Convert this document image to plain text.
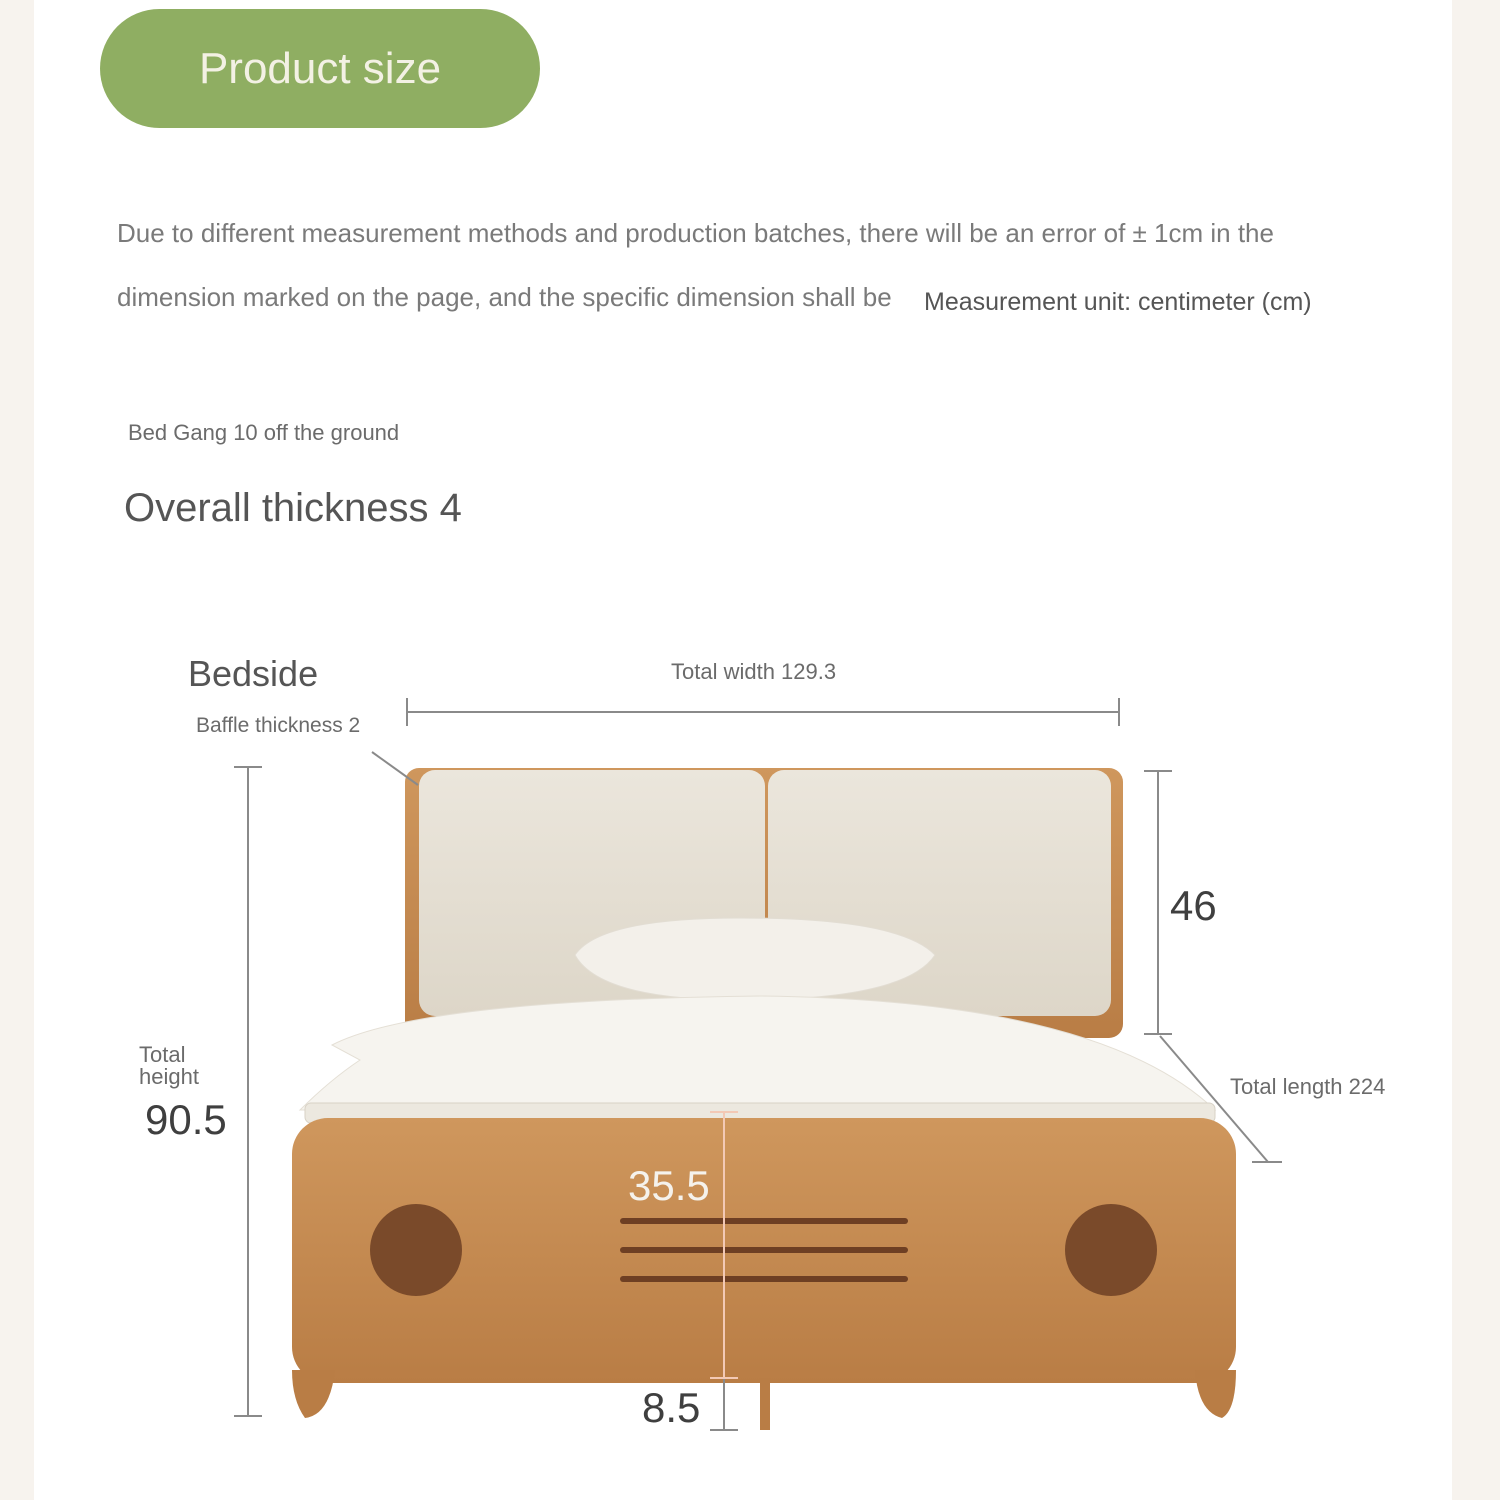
Product size
Due to different measurement methods and production batches, there will be an error of ± 1cm in the
dimension marked on the page, and the specific dimension shall be Measurement unit: centimeter (cm)
Bed Gang 10 off the ground
Overall thickness 4
Bedside
Baffle thickness 2
Total width 129.3
46
Total length 224
Total
height
90.5
35.5
8.5
